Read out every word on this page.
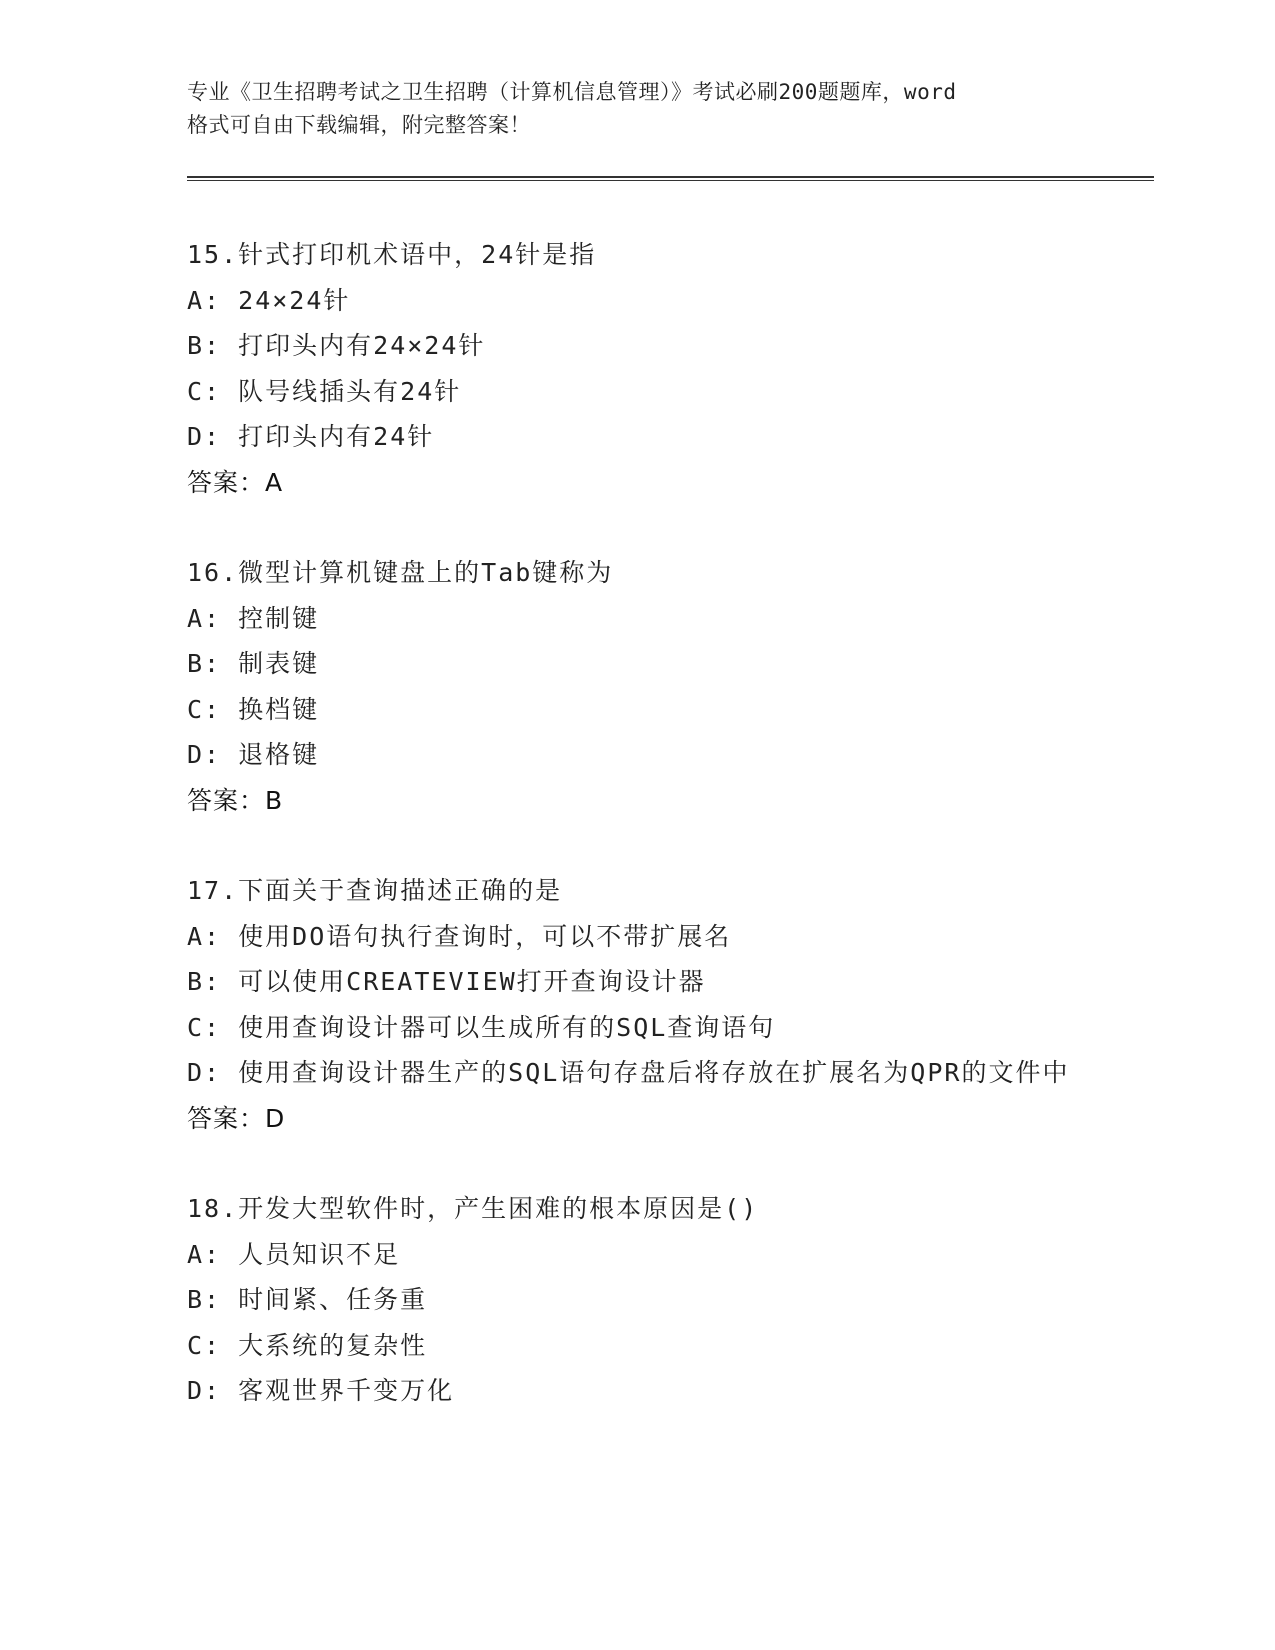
专业《卫生招聘考试之卫生招聘（计算机信息管理）》考试必刷200题题库，word
格式可自由下载编辑，附完整答案！
15.针式打印机术语中，24针是指
A: 24×24针
B: 打印头内有24×24针
C: 队号线插头有24针
D: 打印头内有24针
答案：A
16.微型计算机键盘上的Tab键称为
A: 控制键
B: 制表键
C: 换档键
D: 退格键
答案：B
17.下面关于查询描述正确的是
A: 使用DO语句执行查询时，可以不带扩展名
B: 可以使用CREATEVIEW打开查询设计器
C: 使用查询设计器可以生成所有的SQL查询语句
D: 使用查询设计器生产的SQL语句存盘后将存放在扩展名为QPR的文件中
答案：D
18.开发大型软件时，产生困难的根本原因是()
A: 人员知识不足
B: 时间紧、任务重
C: 大系统的复杂性
D: 客观世界千变万化
